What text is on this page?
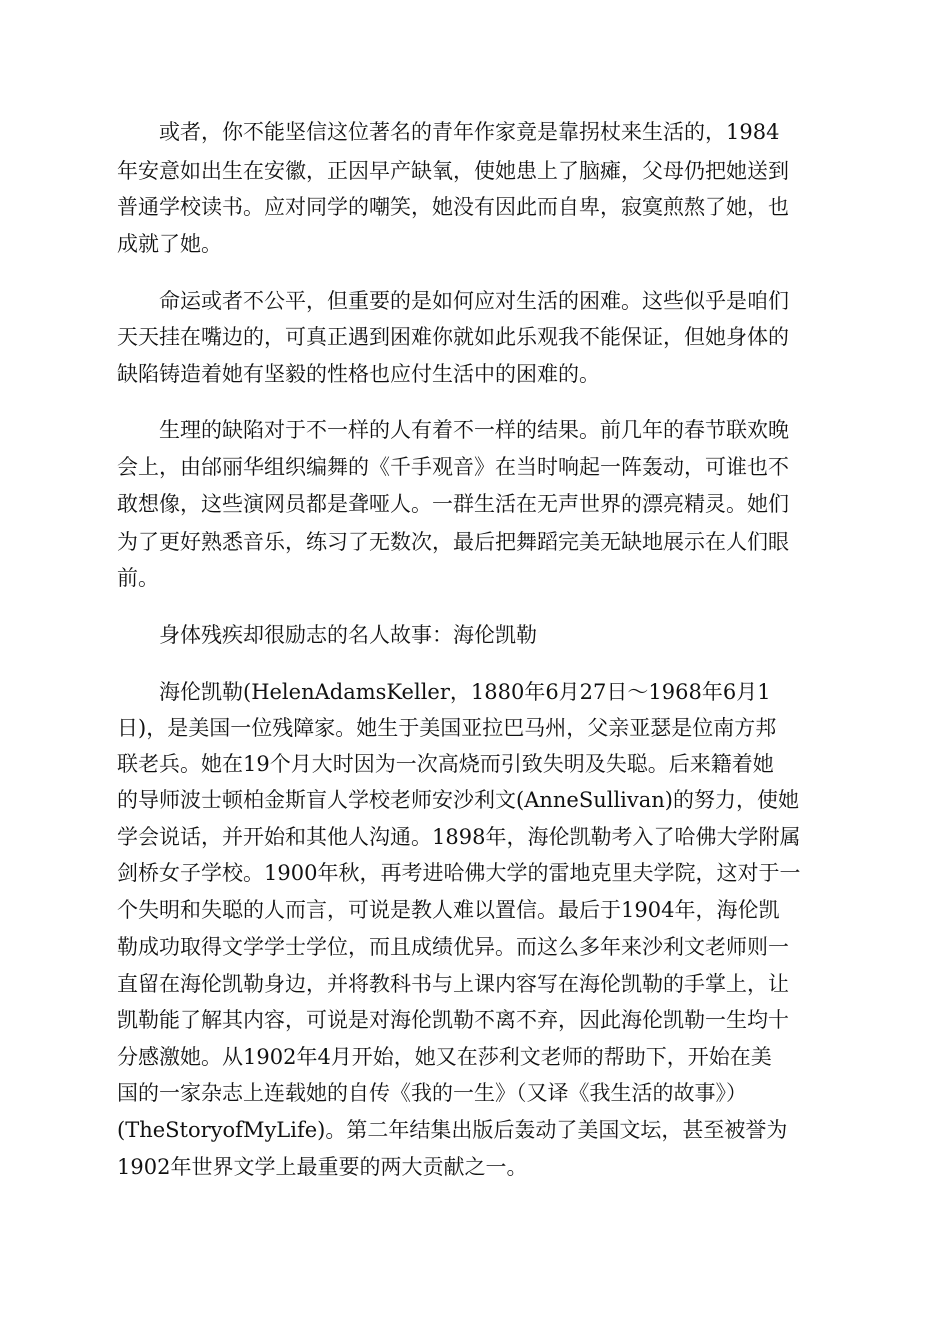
或者，你不能坚信这位著名的青年作家竟是靠拐杖来生活的，1984

年安意如出生在安徽，正因早产缺氧，使她患上了脑瘫，父母仍把她送到

普通学校读书。应对同学的嘲笑，她没有因此而自卑，寂寞煎熬了她，也

成就了她。

命运或者不公平，但重要的是如何应对生活的困难。这些似乎是咱们

天天挂在嘴边的，可真正遇到困难你就如此乐观我不能保证，但她身体的

缺陷铸造着她有坚毅的性格也应付生活中的困难的。

生理的缺陷对于不一样的人有着不一样的结果。前几年的春节联欢晚

会上，由邰丽华组织编舞的《千手观音》在当时响起一阵轰动，可谁也不

敢想像，这些演网员都是聋哑人。一群生活在无声世界的漂亮精灵。她们

为了更好熟悉音乐，练习了无数次，最后把舞蹈完美无缺地展示在人们眼

前。

身体残疾却很励志的名人故事：海伦凯勒

海伦凯勒(HelenAdamsKeller，1880年6月27日～1968年6月1

日)，是美国一位残障家。她生于美国亚拉巴马州，父亲亚瑟是位南方邦

联老兵。她在19个月大时因为一次高烧而引致失明及失聪。后来籍着她

的导师波士顿柏金斯盲人学校老师安沙利文(AnneSullivan)的努力，使她

学会说话，并开始和其他人沟通。1898年，海伦凯勒考入了哈佛大学附属

剑桥女子学校。1900年秋，再考进哈佛大学的雷地克里夫学院，这对于一

个失明和失聪的人而言，可说是教人难以置信。最后于1904年，海伦凯

勒成功取得文学学士学位，而且成绩优异。而这么多年来沙利文老师则一

直留在海伦凯勒身边，并将教科书与上课内容写在海伦凯勒的手掌上，让

凯勒能了解其内容，可说是对海伦凯勒不离不弃，因此海伦凯勒一生均十

分感激她。从1902年4月开始，她又在莎利文老师的帮助下，开始在美

国的一家杂志上连载她的自传《我的一生》（又译《我生活的故事》）

(TheStoryofMyLife)。第二年结集出版后轰动了美国文坛，甚至被誉为

1902年世界文学上最重要的两大贡献之一。
